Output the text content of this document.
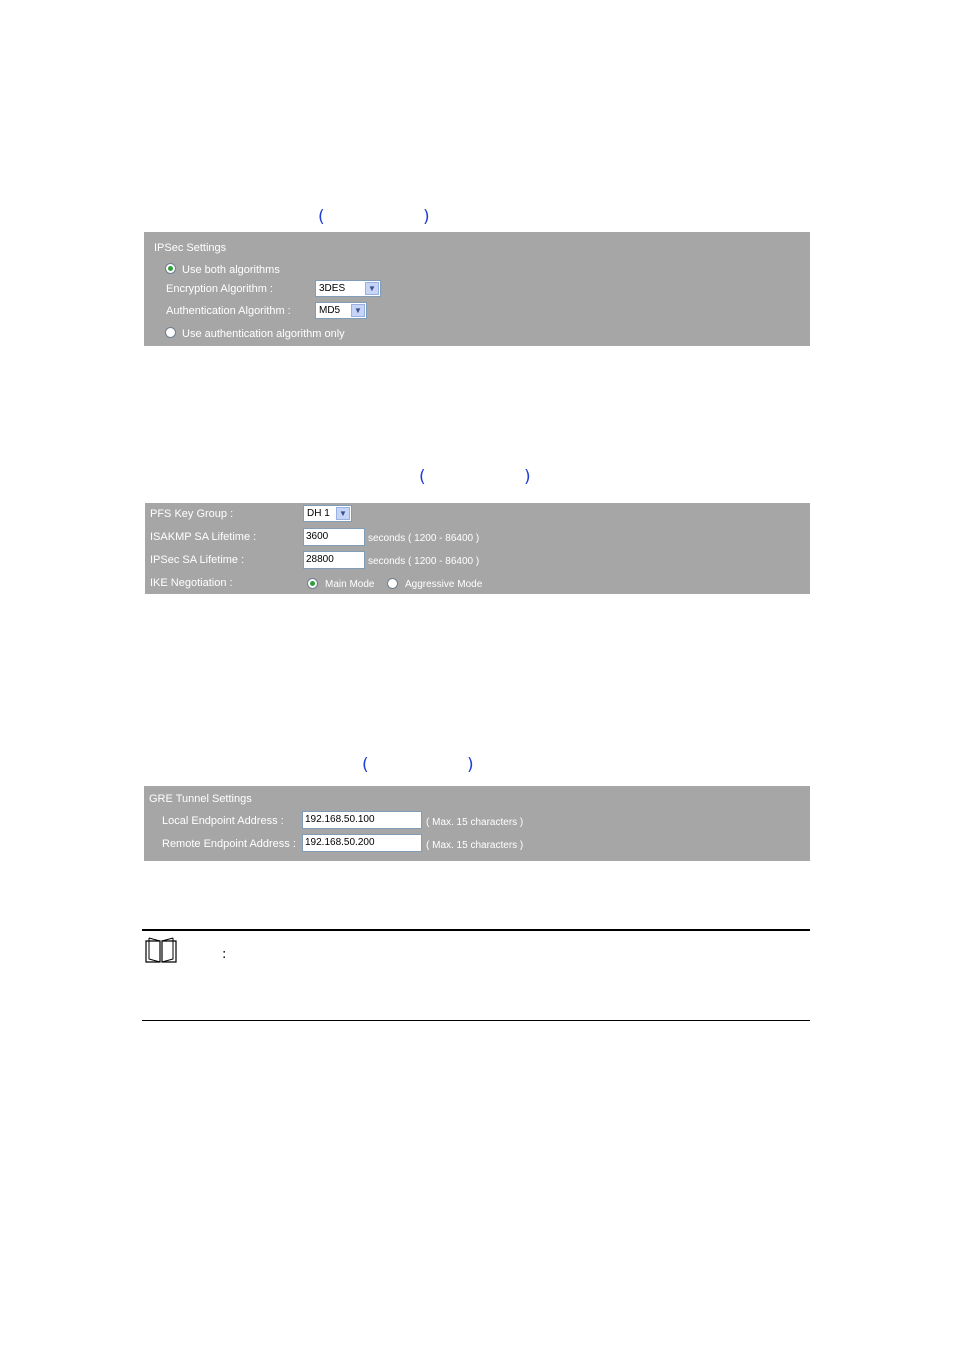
(	)
IPSec Settings
Use both algorithms
Encryption Algorithm :	3DES	▼
Authentication Algorithm :	MD5	▼
Use authentication algorithm only
(	)
PFS Key Group :	DH 1	▼
ISAKMP SA Lifetime :	3600	seconds ( 1200 - 86400 )
IPSec SA Lifetime :	28800	seconds ( 1200 - 86400 )
IKE Negotiation :	Main Mode	Aggressive Mode
(	)
GRE Tunnel Settings
Local Endpoint Address :	192.168.50.100	( Max. 15 characters )
Remote Endpoint Address : 192.168.50.200	( Max. 15 characters )
:
